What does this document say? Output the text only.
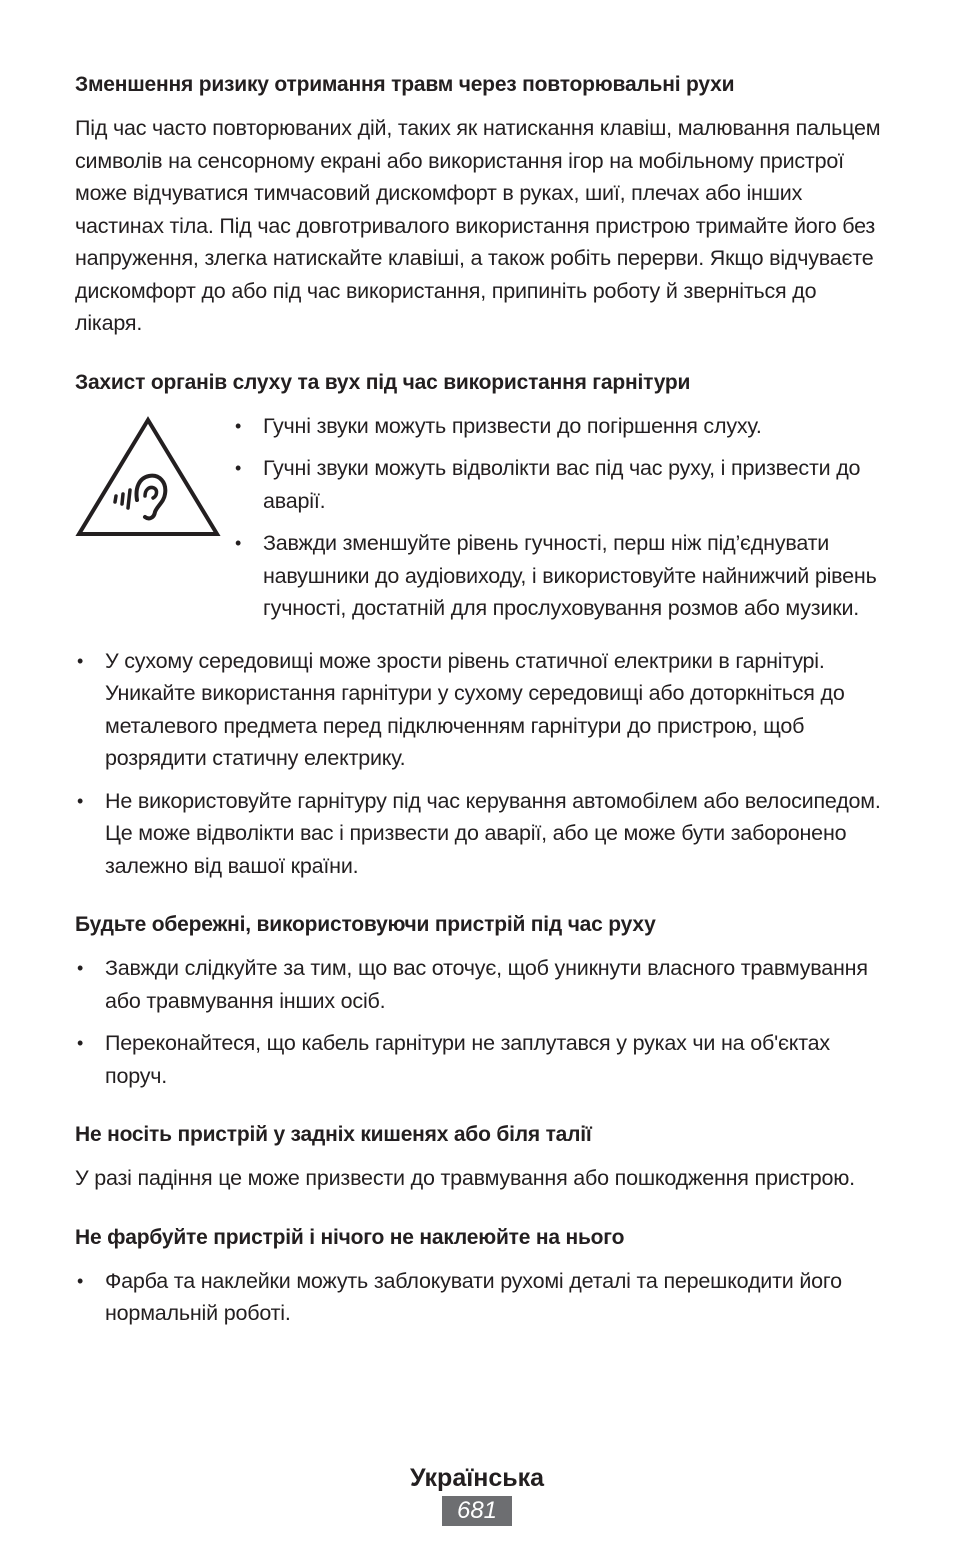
Зменшення ризику отримання травм через повторювальні рухи

Під час часто повторюваних дій, таких як натискання клавіш, малювання пальцем символів на сенсорному екрані або використання ігор на мобільному пристрої може відчуватися тимчасовий дискомфорт в руках, шиї, плечах або інших частинах тіла. Під час довготривалого використання пристрою тримайте його без напруження, злегка натискайте клавіші, а також робіть перерви. Якщо відчуваєте дискомфорт до або під час використання, припиніть роботу й зверніться до лікаря.

Захист органів слуху та вух під час використання гарнітури
• Гучні звуки можуть призвести до погіршення слуху.
• Гучні звуки можуть відволікти вас під час руху, і призвести до аварії.
• Завжди зменшуйте рівень гучності, перш ніж під’єднувати навушники до аудіовиходу, і використовуйте найнижчий рівень гучності, достатній для прослуховування розмов або музики.
• У сухому середовищі може зрости рівень статичної електрики в гарнітурі. Уникайте використання гарнітури у сухому середовищі або доторкніться до металевого предмета перед підключенням гарнітури до пристрою, щоб розрядити статичну електрику.
• Не використовуйте гарнітуру під час керування автомобілем або велосипедом. Це може відволікти вас і призвести до аварії, або це може бути заборонено залежно від вашої країни.
Будьте обережні, використовуючи пристрій під час руху
• Завжди слідкуйте за тим, що вас оточує, щоб уникнути власного травмування або травмування інших осіб.
• Переконайтеся, що кабель гарнітури не заплутався у руках чи на об'єктах поруч.
Не носіть пристрій у задніх кишенях або біля талії

У разі падіння це може призвести до травмування або пошкодження пристрою.

Не фарбуйте пристрій і нічого не наклеюйте на нього
• Фарба та наклейки можуть заблокувати рухомі деталі та перешкодити його нормальній роботі.
Українська
681
